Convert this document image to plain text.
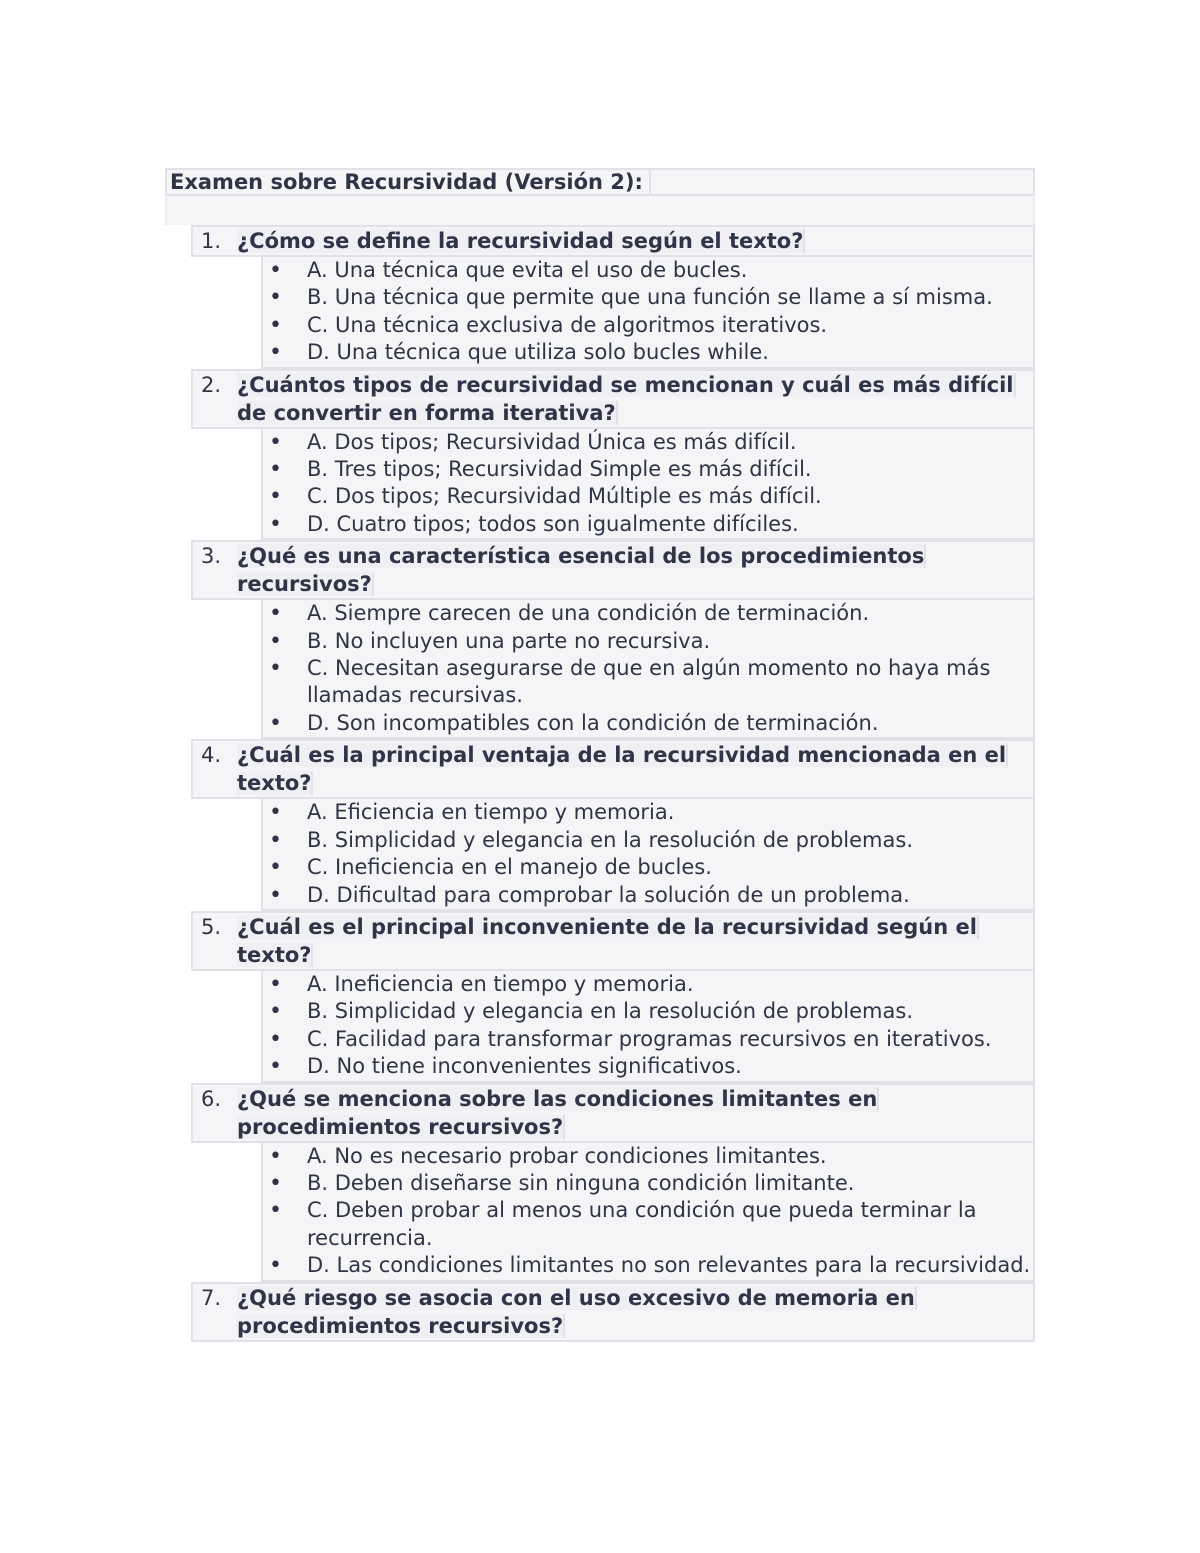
Examen sobre Recursividad (Versión 2):
1. ¿Cómo se define la recursividad según el texto?
• A. Una técnica que evita el uso de bucles.
• B. Una técnica que permite que una función se llame a sí misma.
• C. Una técnica exclusiva de algoritmos iterativos.
• D. Una técnica que utiliza solo bucles while.
2. ¿Cuántos tipos de recursividad se mencionan y cuál es más difícil de convertir en forma iterativa?
• A. Dos tipos; Recursividad Única es más difícil.
• B. Tres tipos; Recursividad Simple es más difícil.
• C. Dos tipos; Recursividad Múltiple es más difícil.
• D. Cuatro tipos; todos son igualmente difíciles.
3. ¿Qué es una característica esencial de los procedimientos recursivos?
• A. Siempre carecen de una condición de terminación.
• B. No incluyen una parte no recursiva.
• C. Necesitan asegurarse de que en algún momento no haya más llamadas recursivas.
• D. Son incompatibles con la condición de terminación.
4. ¿Cuál es la principal ventaja de la recursividad mencionada en el texto?
• A. Eficiencia en tiempo y memoria.
• B. Simplicidad y elegancia en la resolución de problemas.
• C. Ineficiencia en el manejo de bucles.
• D. Dificultad para comprobar la solución de un problema.
5. ¿Cuál es el principal inconveniente de la recursividad según el texto?
• A. Ineficiencia en tiempo y memoria.
• B. Simplicidad y elegancia en la resolución de problemas.
• C. Facilidad para transformar programas recursivos en iterativos.
• D. No tiene inconvenientes significativos.
6. ¿Qué se menciona sobre las condiciones limitantes en procedimientos recursivos?
• A. No es necesario probar condiciones limitantes.
• B. Deben diseñarse sin ninguna condición limitante.
• C. Deben probar al menos una condición que pueda terminar la recurrencia.
• D. Las condiciones limitantes no son relevantes para la recursividad.
7. ¿Qué riesgo se asocia con el uso excesivo de memoria en procedimientos recursivos?
